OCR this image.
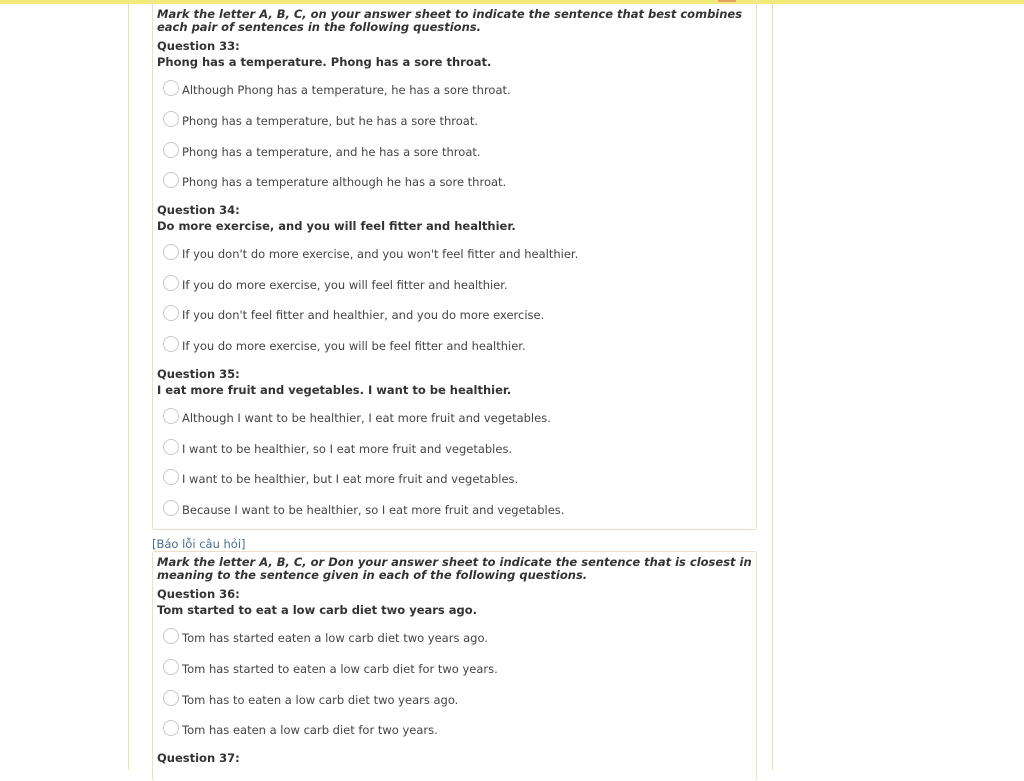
Mark the letter A, B, C, on your answer sheet to indicate the sentence that best combines each pair of sentences in the following questions.

Question 33:
Phong has a temperature. Phong has a sore throat.
Although Phong has a temperature, he has a sore throat.
Phong has a temperature, but he has a sore throat.
Phong has a temperature, and he has a sore throat.
Phong has a temperature although he has a sore throat.
Question 34:
Do more exercise, and you will feel fitter and healthier.
If you don't do more exercise, and you won't feel fitter and healthier.
If you do more exercise, you will feel fitter and healthier.
If you don't feel fitter and healthier, and you do more exercise.
If you do more exercise, you will be feel fitter and healthier.
Question 35:
I eat more fruit and vegetables. I want to be healthier.
Although I want to be healthier, I eat more fruit and vegetables.
I want to be healthier, so I eat more fruit and vegetables.
I want to be healthier, but I eat more fruit and vegetables.
Because I want to be healthier, so I eat more fruit and vegetables.
[Báo lỗi câu hỏi]

Mark the letter A, B, C, or Don your answer sheet to indicate the sentence that is closest in meaning to the sentence given in each of the following questions.

Question 36:
Tom started to eat a low carb diet two years ago.
Tom has started eaten a low carb diet two years ago.
Tom has started to eaten a low carb diet for two years.
Tom has to eaten a low carb diet two years ago.
Tom has eaten a low carb diet for two years.
Question 37:
